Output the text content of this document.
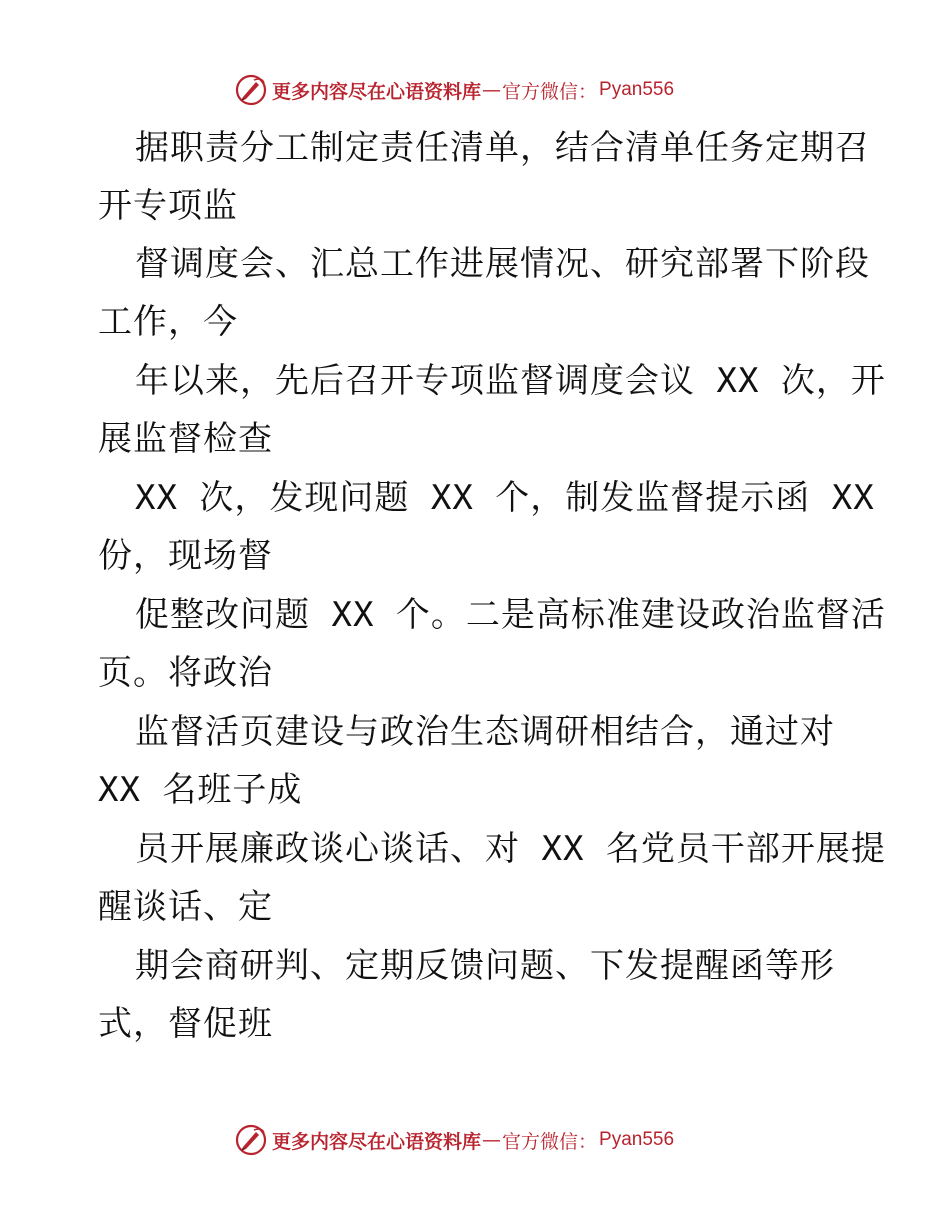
更多内容尽在心语资料库 — 官方微信： Pyan556
据职责分工制定责任清单，结合清单任务定期召
开专项监
督调度会、汇总工作进展情况、研究部署下阶段
工作，今
年以来，先后召开专项监督调度会议 XX 次，开
展监督检查
XX 次，发现问题 XX 个，制发监督提示函 XX
份，现场督
促整改问题 XX 个。二是高标准建设政治监督活
页。将政治
监督活页建设与政治生态调研相结合，通过对
XX 名班子成
员开展廉政谈心谈话、对 XX 名党员干部开展提
醒谈话、定
期会商研判、定期反馈问题、下发提醒函等形
式，督促班
更多内容尽在心语资料库 — 官方微信： Pyan556
